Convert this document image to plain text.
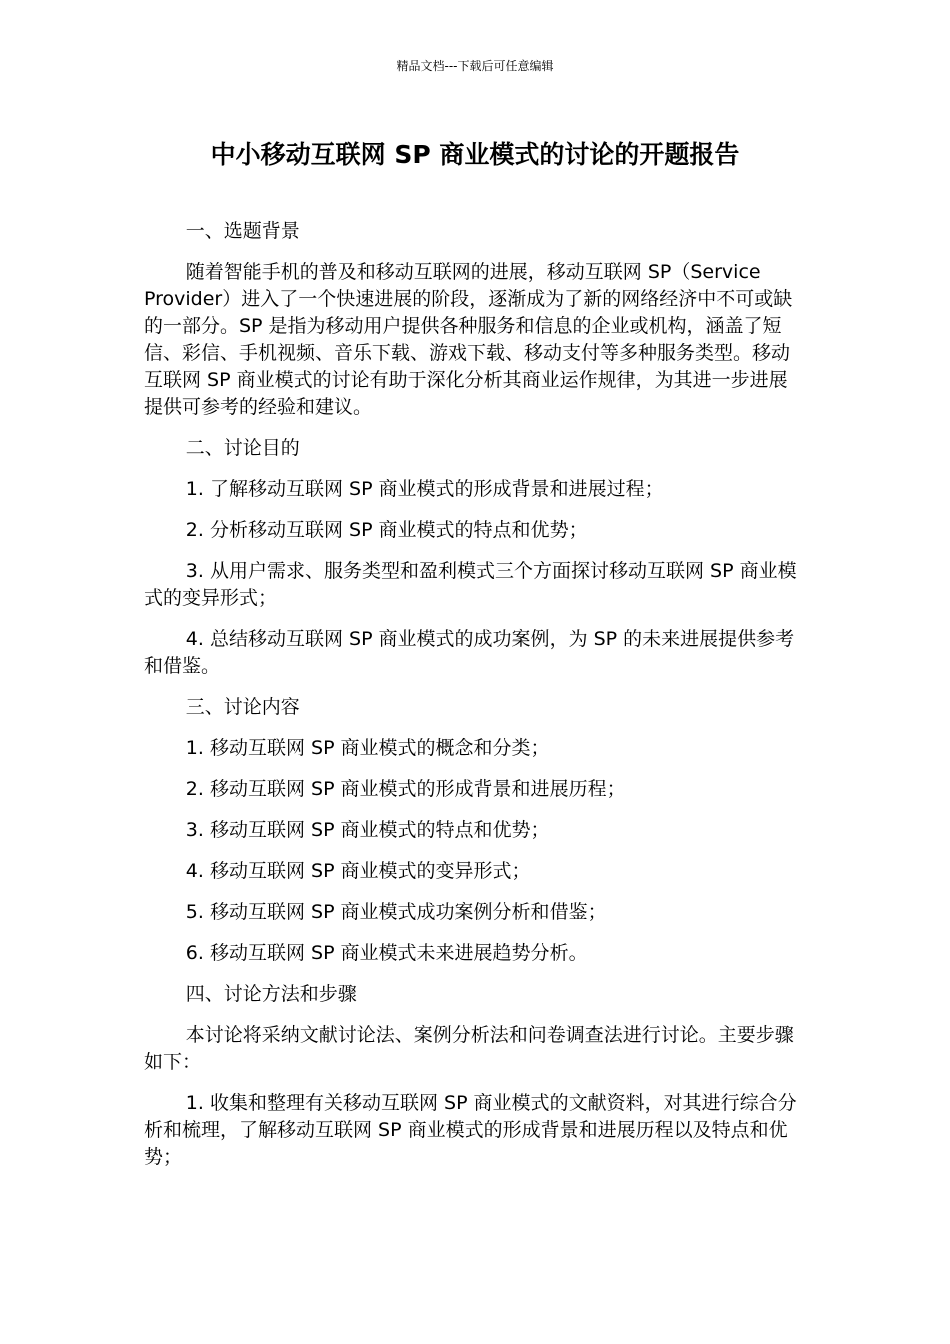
精品文档---下载后可任意编辑
中小移动互联网 SP 商业模式的讨论的开题报告

一、选题背景

随着智能手机的普及和移动互联网的进展，移动互联网 SP（Service Provider）进入了一个快速进展的阶段，逐渐成为了新的网络经济中不可或缺的一部分。SP 是指为移动用户提供各种服务和信息的企业或机构，涵盖了短信、彩信、手机视频、音乐下载、游戏下载、移动支付等多种服务类型。移动互联网 SP 商业模式的讨论有助于深化分析其商业运作规律，为其进一步进展提供可参考的经验和建议。

二、讨论目的

1. 了解移动互联网 SP 商业模式的形成背景和进展过程；

2. 分析移动互联网 SP 商业模式的特点和优势；

3. 从用户需求、服务类型和盈利模式三个方面探讨移动互联网 SP 商业模式的变异形式；

4. 总结移动互联网 SP 商业模式的成功案例，为 SP 的未来进展提供参考和借鉴。

三、讨论内容

1. 移动互联网 SP 商业模式的概念和分类；

2. 移动互联网 SP 商业模式的形成背景和进展历程；

3. 移动互联网 SP 商业模式的特点和优势；

4. 移动互联网 SP 商业模式的变异形式；

5. 移动互联网 SP 商业模式成功案例分析和借鉴；

6. 移动互联网 SP 商业模式未来进展趋势分析。

四、讨论方法和步骤

本讨论将采纳文献讨论法、案例分析法和问卷调查法进行讨论。主要步骤如下：

1. 收集和整理有关移动互联网 SP 商业模式的文献资料，对其进行综合分析和梳理，了解移动互联网 SP 商业模式的形成背景和进展历程以及特点和优势；
